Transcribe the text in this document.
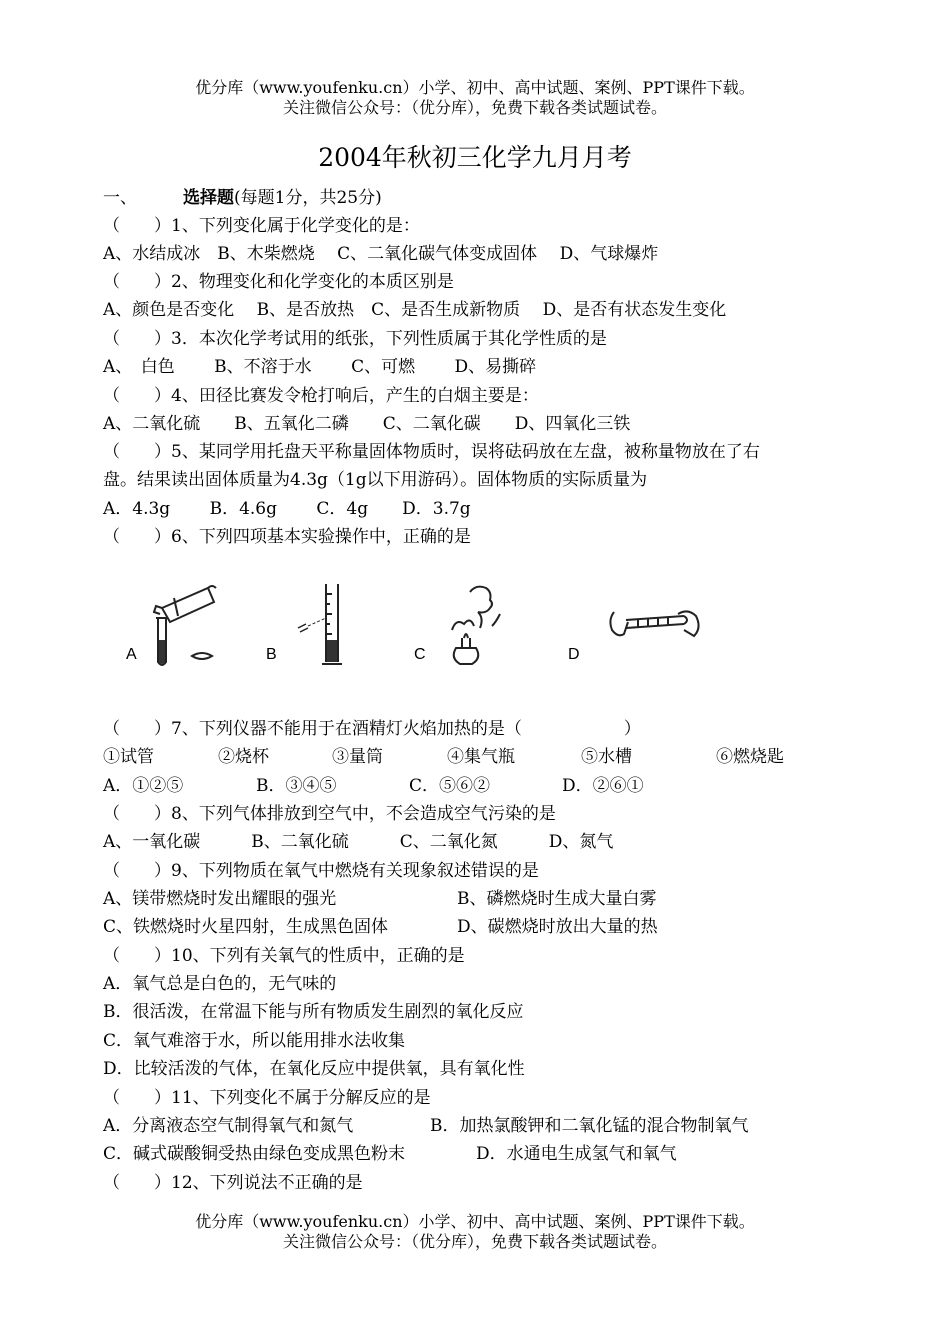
优分库（www.youfenku.cn）小学、初中、高中试题、案例、PPT课件下载。
关注微信公众号：（优分库），免费下载各类试题试卷。
2004年秋初三化学九月月考
一、	选择题(每题1分，共25分)
（　　）1、下列变化属于化学变化的是：
A、水结成冰　B、木柴燃烧　 C、二氧化碳气体变成固体　 D、气球爆炸
（　　）2、物理变化和化学变化的本质区别是
A、颜色是否变化　 B、是否放热　C、是否生成新物质　 D、是否有状态发生变化
（　　）3．本次化学考试用的纸张，下列性质属于其化学性质的是
A、　白色　　 B、不溶于水　　 C、可燃　　 D、易撕碎
（　　）4、田径比赛发令枪打响后，产生的白烟主要是：
A、二氧化硫　　B、五氧化二磷　　C、二氧化碳　　D、四氧化三铁
（　　）5、某同学用托盘天平称量固体物质时，误将砝码放在左盘，被称量物放在了右
盘。结果读出固体质量为4.3g（1g以下用游码）。固体物质的实际质量为
A．4.3g　　 B．4.6g　　 C．4g　　D．3.7g
（　　）6、下列四项基本实验操作中，正确的是
A	B	C	D
（　　）7、下列仪器不能用于在酒精灯火焰加热的是（　　　　　　）
①试管	②烧杯	③量筒	④集气瓶	⑤水槽	⑥燃烧匙
A．①②⑤	B．③④⑤	C．⑤⑥②	D．②⑥①
（　　）8、下列气体排放到空气中，不会造成空气污染的是
A、一氧化碳　　　B、二氧化硫　　　C、二氧化氮　　　D、氮气
（　　）9、下列物质在氧气中燃烧有关现象叙述错误的是
A、镁带燃烧时发出耀眼的强光	B、磷燃烧时生成大量白雾
C、铁燃烧时火星四射，生成黑色固体	D、碳燃烧时放出大量的热
（　　）10、下列有关氧气的性质中，正确的是
A．氧气总是白色的，无气味的
B．很活泼，在常温下能与所有物质发生剧烈的氧化反应
C．氧气难溶于水，所以能用排水法收集
D．比较活泼的气体，在氧化反应中提供氧，具有氧化性
（　　）11、下列变化不属于分解反应的是
A．分离液态空气制得氧气和氮气	B．加热氯酸钾和二氧化锰的混合物制氧气
C．碱式碳酸铜受热由绿色变成黑色粉末	D．水通电生成氢气和氧气
（　　）12、下列说法不正确的是
优分库（www.youfenku.cn）小学、初中、高中试题、案例、PPT课件下载。
关注微信公众号：（优分库），免费下载各类试题试卷。
